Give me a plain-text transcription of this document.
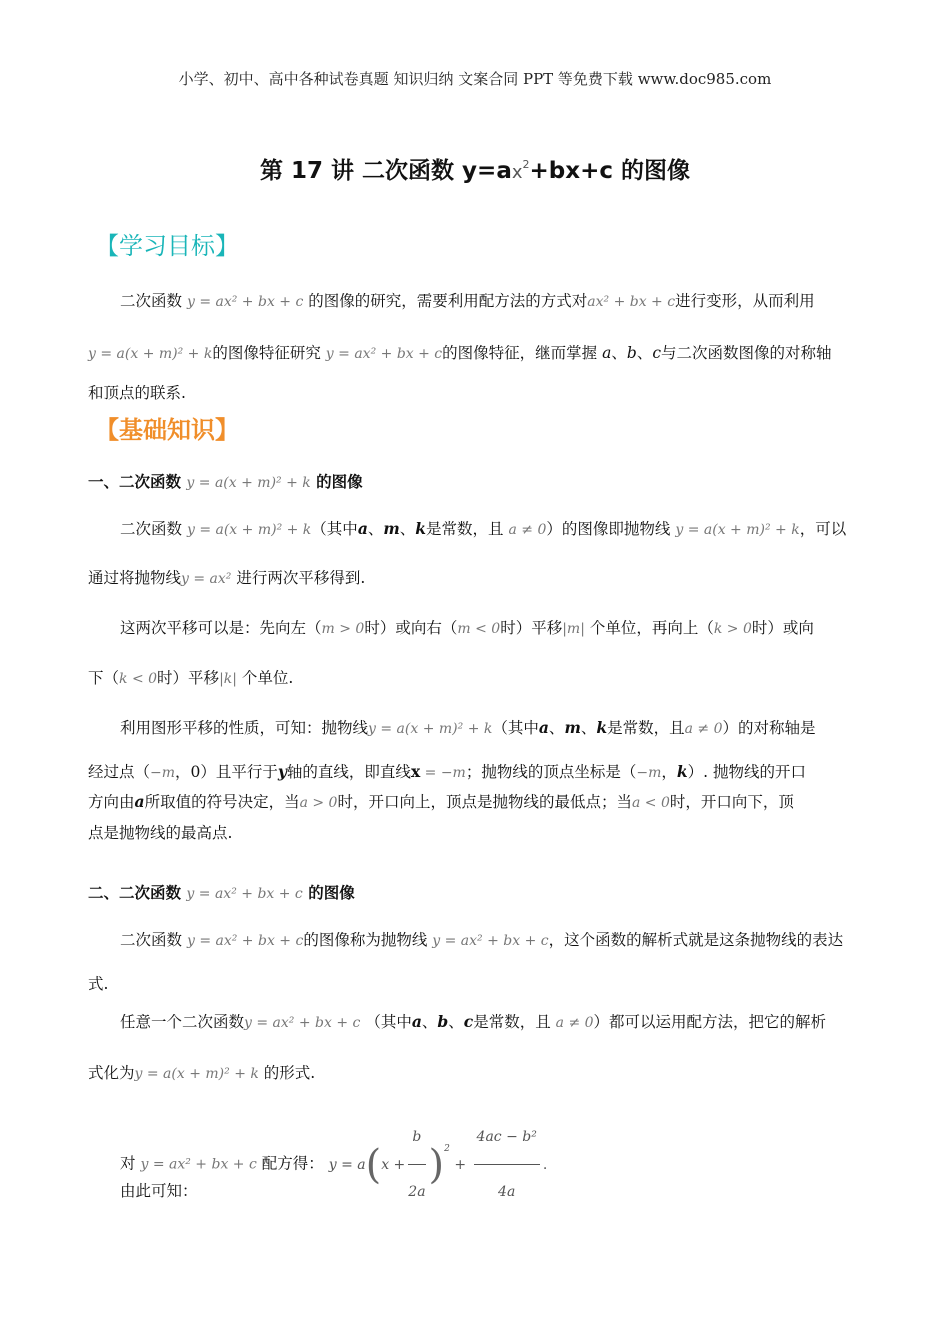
小学、初中、高中各种试卷真题 知识归纳 文案合同 PPT 等免费下载 www.doc985.com
第 17 讲 二次函数 $y=ax^2+bx+c$ 的图像
【学习目标】
二次函数 y = ax² + bx + c 的图像的研究，需要利用配方法的方式对ax² + bx + c进行变形，从而利用
y = a(x + m)² + k的图像特征研究 y = ax² + bx + c的图像特征，继而掌握 a、b、c与二次函数图像的对称轴
和顶点的联系.
【基础知识】
一、二次函数 y = a(x + m)² + k 的图像
二次函数 y = a(x + m)² + k（其中a、m、k是常数，且 a ≠ 0）的图像即抛物线 y = a(x + m)² + k，可以
通过将抛物线y = ax² 进行两次平移得到.
这两次平移可以是：先向左（m > 0时）或向右（m < 0时）平移|m| 个单位，再向上（k > 0时）或向
下（k < 0时）平移|k| 个单位.
利用图形平移的性质，可知：抛物线y = a(x + m)² + k（其中a、m、k是常数，且a ≠ 0）的对称轴是
经过点（−m，0）且平行于y轴的直线，即直线x = −m；抛物线的顶点坐标是（−m，k）. 抛物线的开口
方向由a所取值的符号决定，当a > 0时，开口向上，顶点是抛物线的最低点；当a < 0时，开口向下，顶
点是抛物线的最高点.
二、二次函数 y = ax² + bx + c 的图像
二次函数 y = ax² + bx + c的图像称为抛物线 y = ax² + bx + c，这个函数的解析式就是这条抛物线的表达
式.
任意一个二次函数y = ax² + bx + c （其中a、b、c是常数，且 a ≠ 0）都可以运用配方法，把它的解析
式化为y = a(x + m)² + k 的形式.
对 y = ax² + bx + c 配方得： $y = a(x + \frac{b}{2a} )^2 + \frac{\text{4ac − b²}}{4a}$ .
由此可知：
